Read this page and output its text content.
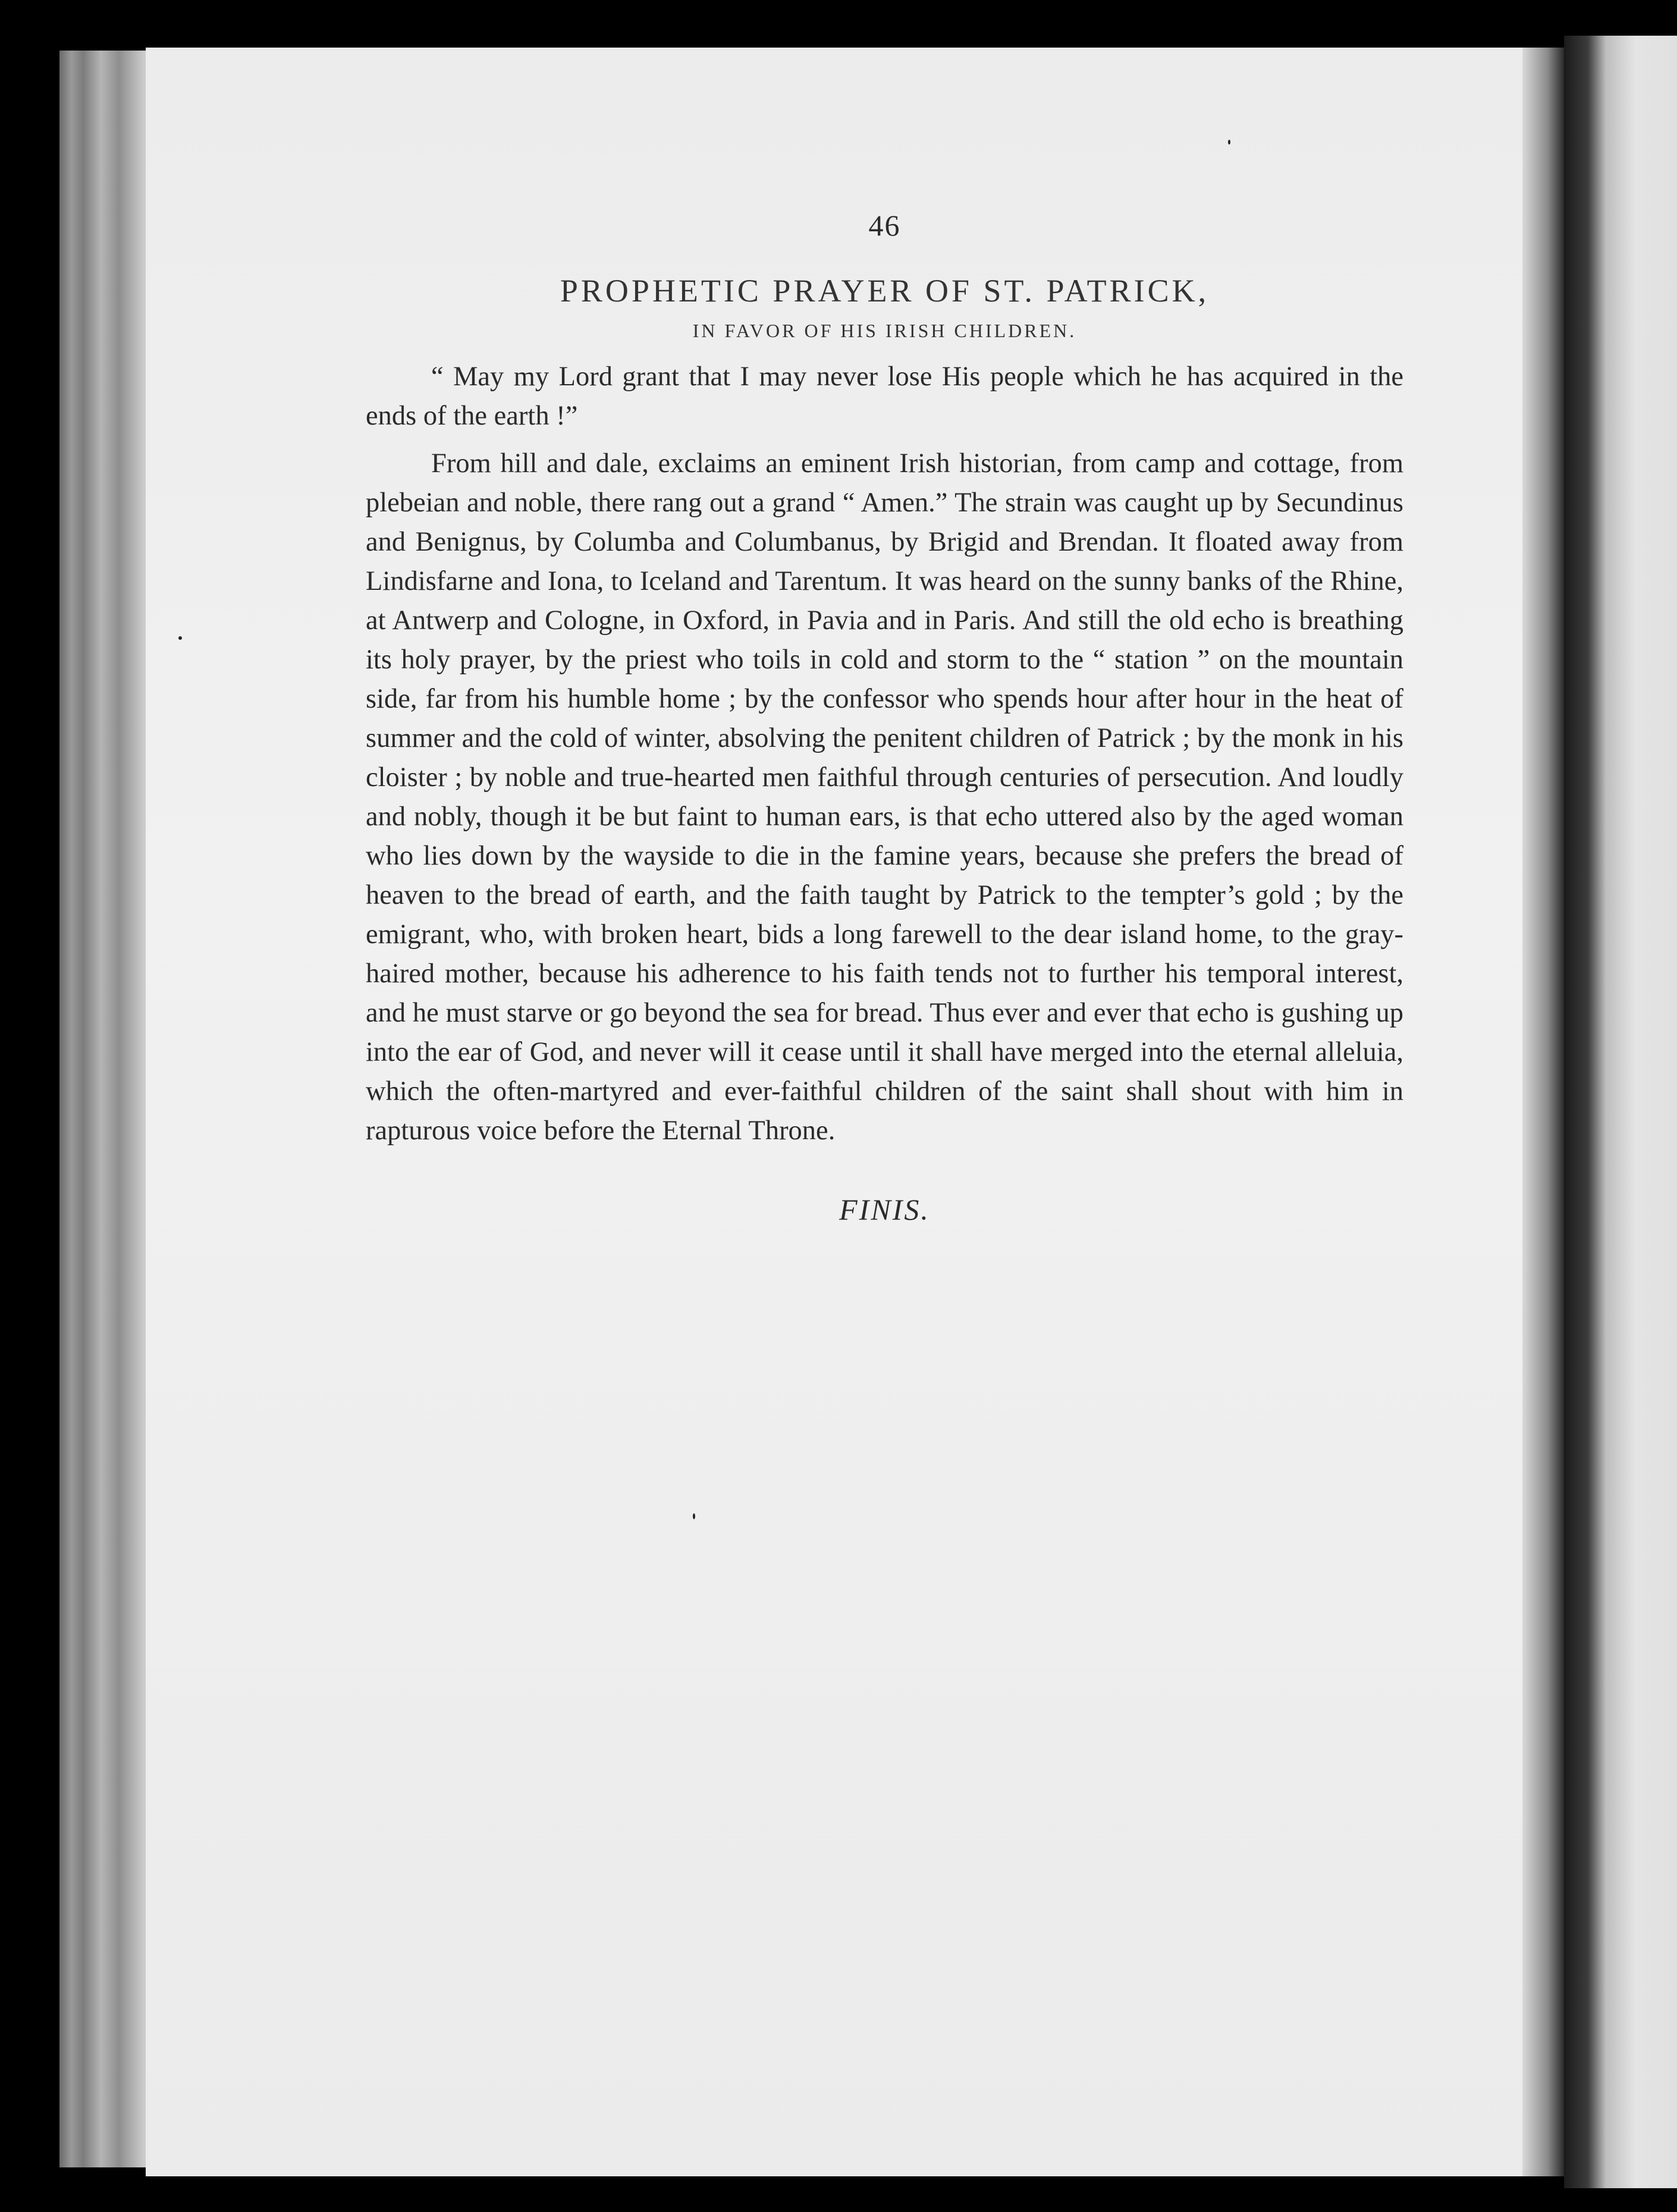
46
PROPHETIC PRAYER OF ST. PATRICK,
IN FAVOR OF HIS IRISH CHILDREN.

“ May my Lord grant that I may never lose His people which he has acquired in the ends of the earth !”

From hill and dale, exclaims an eminent Irish historian, from camp and cottage, from plebeian and noble, there rang out a grand “ Amen.” The strain was caught up by Secundinus and Benignus, by Columba and Columbanus, by Brigid and Brendan. It floated away from Lindisfarne and Iona, to Iceland and Tarentum. It was heard on the sunny banks of the Rhine, at Antwerp and Cologne, in Oxford, in Pavia and in Paris. And still the old echo is breathing its holy prayer, by the priest who toils in cold and storm to the “ station ” on the mountain side, far from his humble home ; by the confessor who spends hour after hour in the heat of summer and the cold of winter, absolving the penitent children of Patrick ; by the monk in his cloister ; by noble and true-hearted men faithful through centuries of persecution. And loudly and nobly, though it be but faint to human ears, is that echo uttered also by the aged woman who lies down by the wayside to die in the famine years, because she prefers the bread of heaven to the bread of earth, and the faith taught by Patrick to the tempter’s gold ; by the emigrant, who, with broken heart, bids a long farewell to the dear island home, to the gray-haired mother, because his adherence to his faith tends not to further his temporal interest, and he must starve or go beyond the sea for bread. Thus ever and ever that echo is gushing up into the ear of God, and never will it cease until it shall have merged into the eternal alleluia, which the often-martyred and ever-faithful children of the saint shall shout with him in rapturous voice before the Eternal Throne.

FINIS.
